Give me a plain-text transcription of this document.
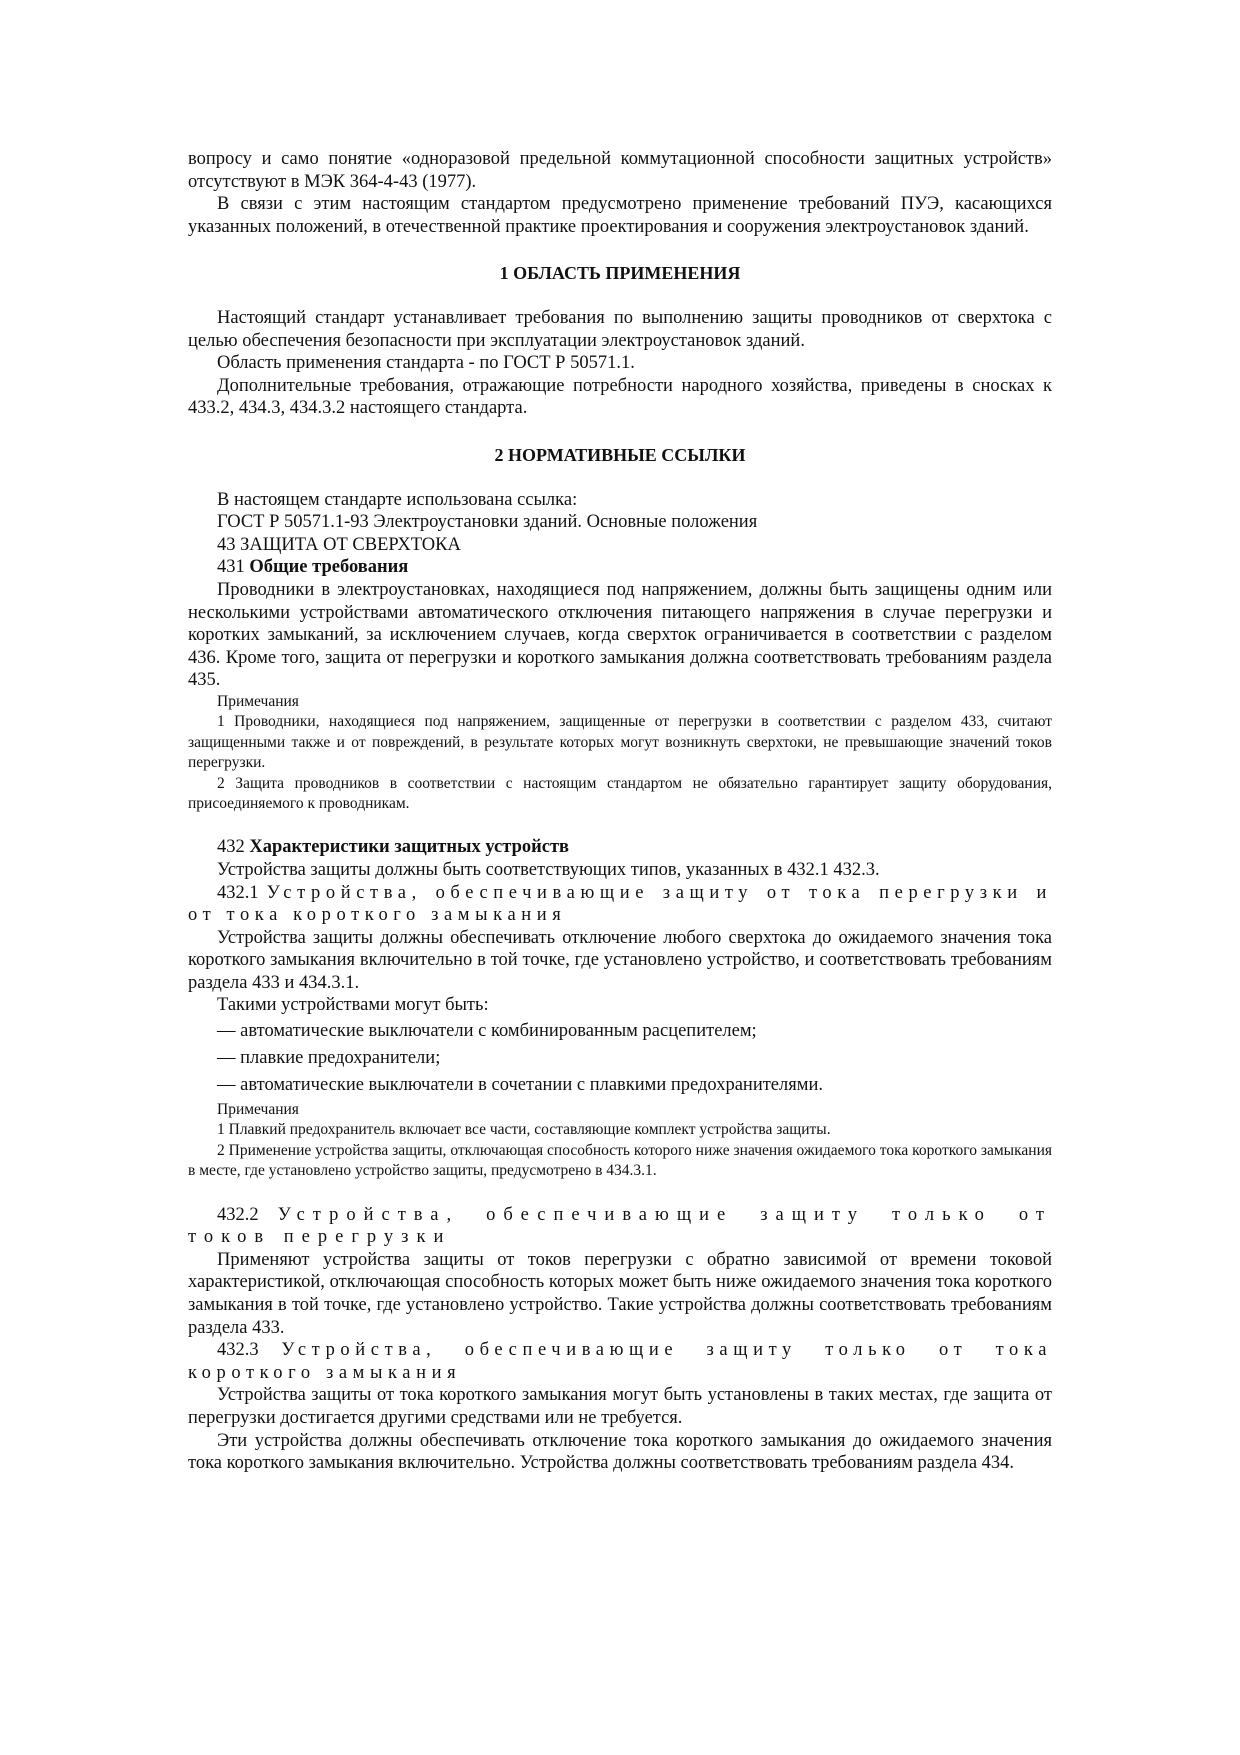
вопросу и само понятие «одноразовой предельной коммутационной способности защитных устройств» отсутствуют в МЭК 364-4-43 (1977).

В связи с этим настоящим стандартом предусмотрено применение требований ПУЭ, касающихся указанных положений, в отечественной практике проектирования и сооружения электроустановок зданий.

1 ОБЛАСТЬ ПРИМЕНЕНИЯ

Настоящий стандарт устанавливает требования по выполнению защиты проводников от сверхтока с целью обеспечения безопасности при эксплуатации электроустановок зданий.

Область применения стандарта - по ГОСТ Р 50571.1.

Дополнительные требования, отражающие потребности народного хозяйства, приведены в сносках к 433.2, 434.3, 434.3.2 настоящего стандарта.

2 НОРМАТИВНЫЕ ССЫЛКИ

В настоящем стандарте использована ссылка:

ГОСТ Р 50571.1-93 Электроустановки зданий. Основные положения

43 ЗАЩИТА ОТ СВЕРХТОКА

431 Общие требования

Проводники в электроустановках, находящиеся под напряжением, должны быть защищены одним или несколькими устройствами автоматического отключения питающего напряжения в случае перегрузки и коротких замыканий, за исключением случаев, когда сверхток ограничивается в соответствии с разделом 436. Кроме того, защита от перегрузки и короткого замыкания должна соответствовать требованиям раздела 435.

Примечания

1 Проводники, находящиеся под напряжением, защищенные от перегрузки в соответствии с разделом 433, считают защищенными также и от повреждений, в результате которых могут возникнуть сверхтоки, не превышающие значений токов перегрузки.

2 Защита проводников в соответствии с настоящим стандартом не обязательно гарантирует защиту оборудования, присоединяемого к проводникам.

432 Характеристики защитных устройств

Устройства защиты должны быть соответствующих типов, указанных в 432.1 432.3.

432.1 Устройства, обеспечивающие защиту от тока перегрузки и от тока короткого замыкания

Устройства защиты должны обеспечивать отключение любого сверхтока до ожидаемого значения тока короткого замыкания включительно в той точке, где установлено устройство, и соответствовать требованиям раздела 433 и 434.3.1.

Такими устройствами могут быть:

— автоматические выключатели с комбинированным расцепителем;

— плавкие предохранители;

— автоматические выключатели в сочетании с плавкими предохранителями.

Примечания

1 Плавкий предохранитель включает все части, составляющие комплект устройства защиты.

2 Применение устройства защиты, отключающая способность которого ниже значения ожидаемого тока короткого замыкания в месте, где установлено устройство защиты, предусмотрено в 434.3.1.

432.2 Устройства, обеспечивающие защиту только от токов перегрузки

Применяют устройства защиты от токов перегрузки с обратно зависимой от времени токовой характеристикой, отключающая способность которых может быть ниже ожидаемого значения тока короткого замыкания в той точке, где установлено устройство. Такие устройства должны соответствовать требованиям раздела 433.

432.3 Устройства, обеспечивающие защиту только от тока короткого замыкания

Устройства защиты от тока короткого замыкания могут быть установлены в таких местах, где защита от перегрузки достигается другими средствами или не требуется.

Эти устройства должны обеспечивать отключение тока короткого замыкания до ожидаемого значения тока короткого замыкания включительно. Устройства должны соответствовать требованиям раздела 434.
